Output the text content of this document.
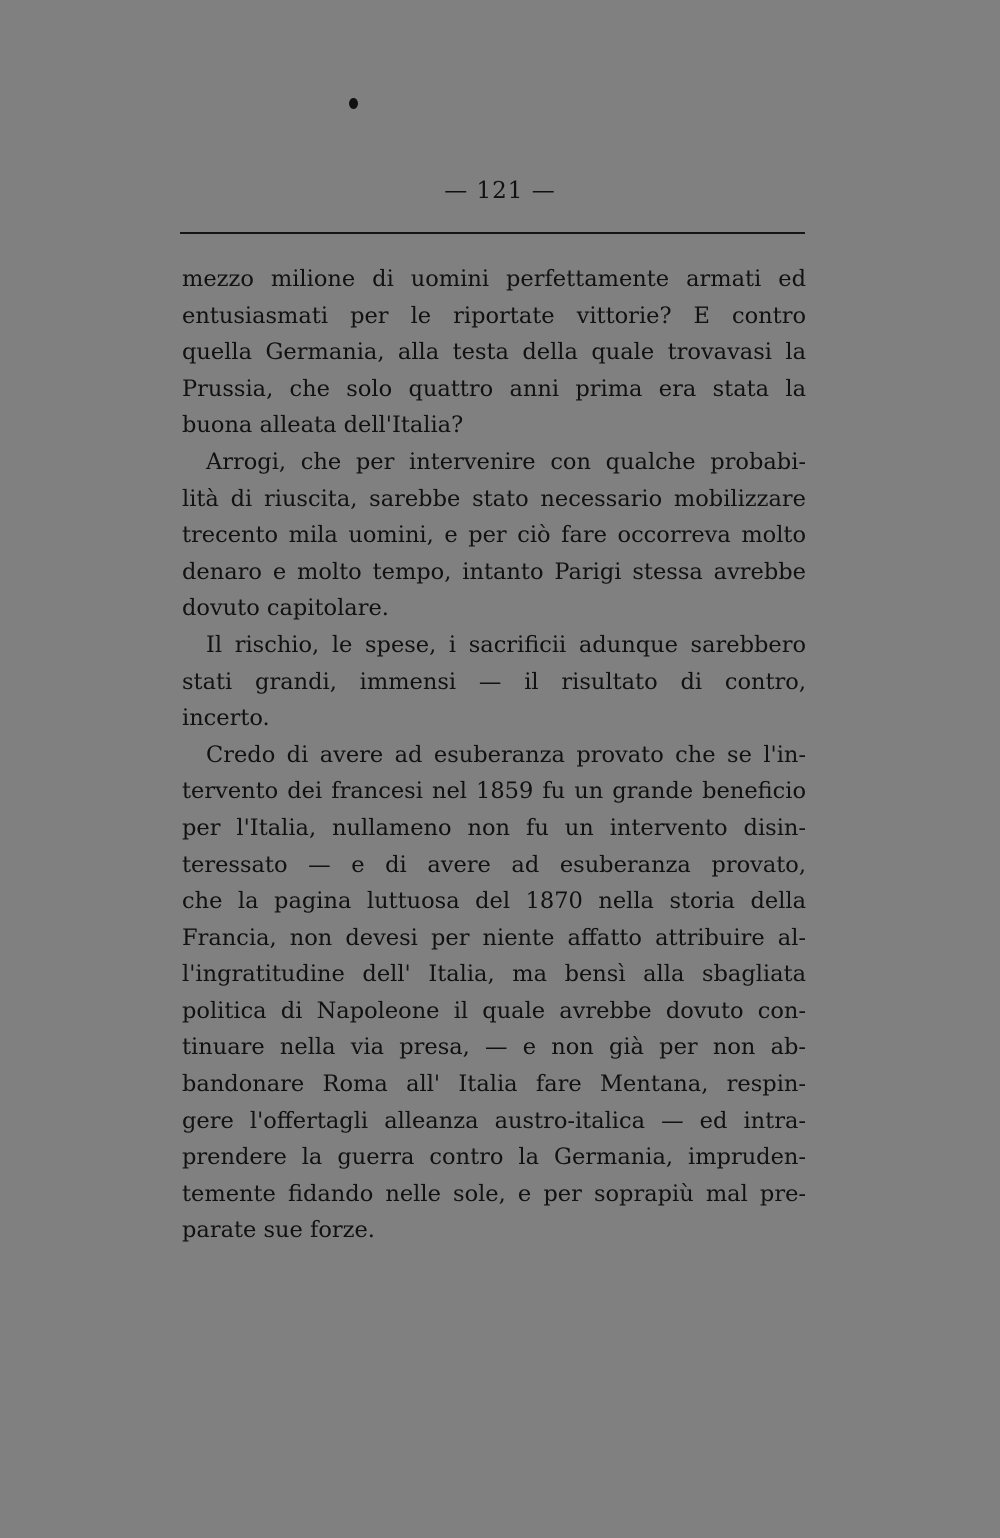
— 121 —
mezzo milione di uomini perfettamente armati ed
entusiasmati per le riportate vittorie? E contro
quella Germania, alla testa della quale trovavasi la
Prussia, che solo quattro anni prima era stata la
buona alleata dell'Italia?
Arrogi, che per intervenire con qualche probabi-
lità di riuscita, sarebbe stato necessario mobilizzare
trecento mila uomini, e per ciò fare occorreva molto
denaro e molto tempo, intanto Parigi stessa avrebbe
dovuto capitolare.
Il rischio, le spese, i sacrificii adunque sarebbero
stati grandi, immensi — il risultato di contro,
incerto.
Credo di avere ad esuberanza provato che se l'in-
tervento dei francesi nel 1859 fu un grande beneficio
per l'Italia, nullameno non fu un intervento disin-
teressato — e di avere ad esuberanza provato,
che la pagina luttuosa del 1870 nella storia della
Francia, non devesi per niente affatto attribuire al-
l'ingratitudine dell' Italia, ma bensì alla sbagliata
politica di Napoleone il quale avrebbe dovuto con-
tinuare nella via presa, — e non già per non ab-
bandonare Roma all' Italia fare Mentana, respin-
gere l'offertagli alleanza austro-italica — ed intra-
prendere la guerra contro la Germania, impruden-
temente fidando nelle sole, e per soprapiù mal pre-
parate sue forze.
